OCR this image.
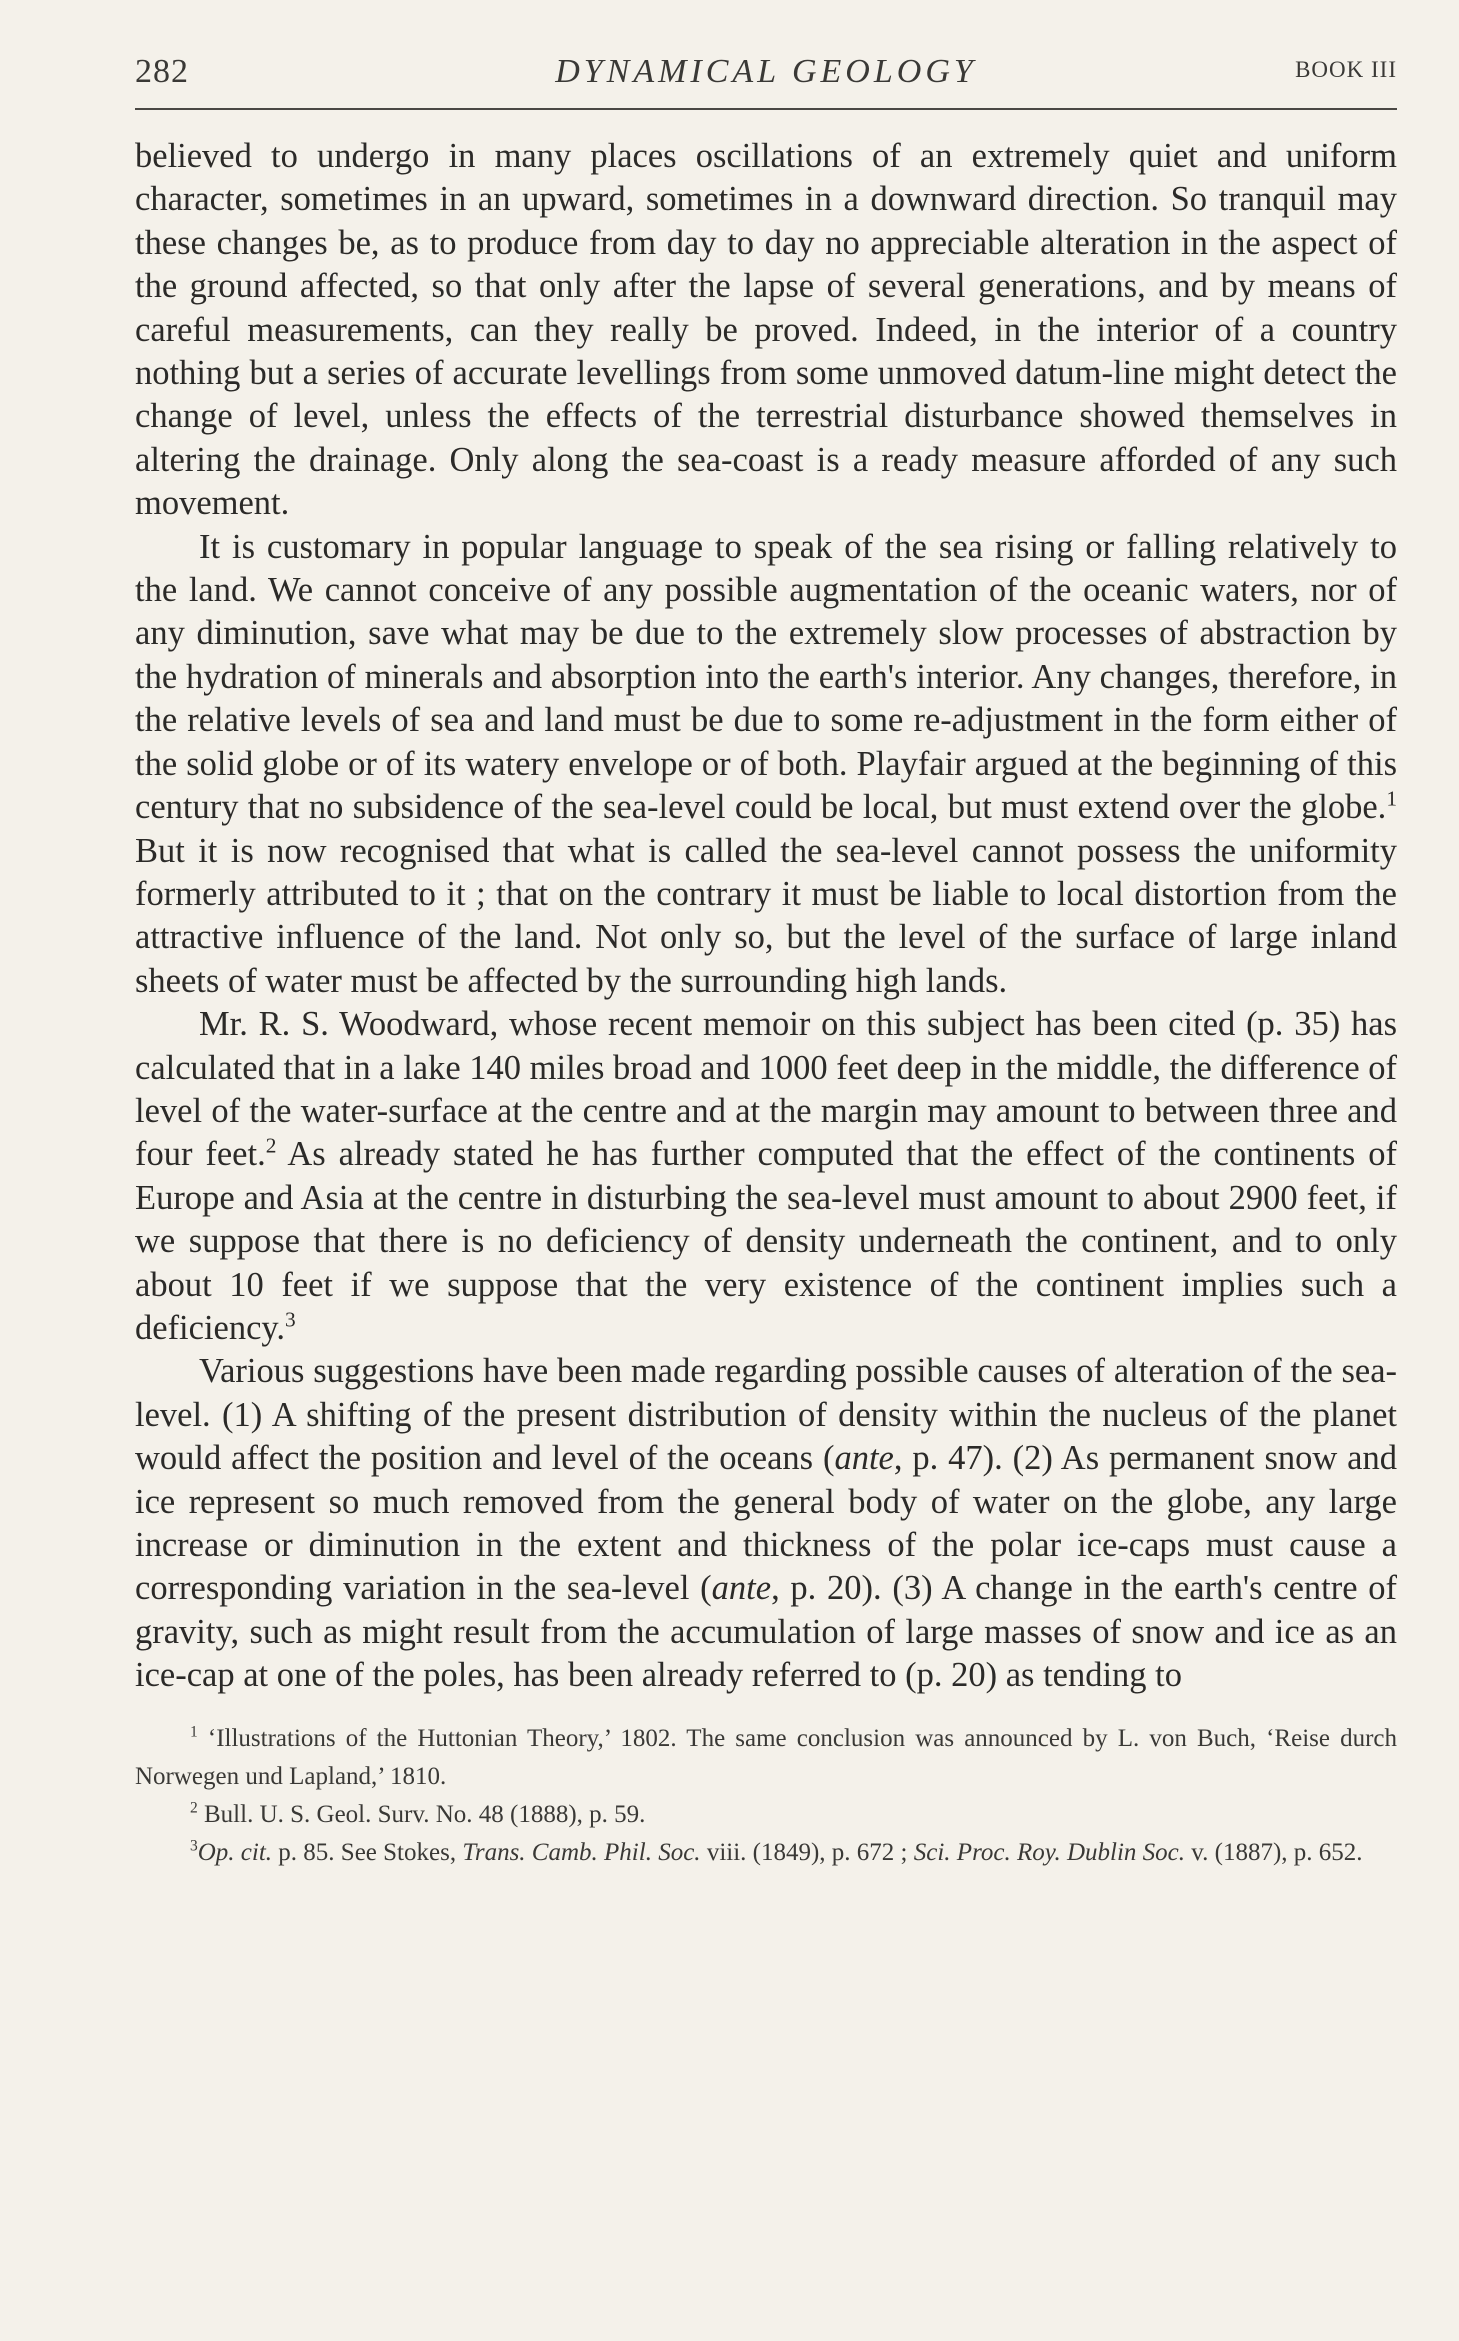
282	DYNAMICAL GEOLOGY	BOOK III

believed to undergo in many places oscillations of an extremely quiet and uniform character, sometimes in an upward, sometimes in a downward direction. So tranquil may these changes be, as to produce from day to day no appreciable alteration in the aspect of the ground affected, so that only after the lapse of several generations, and by means of careful measurements, can they really be proved. Indeed, in the interior of a country nothing but a series of accurate levellings from some unmoved datum-line might detect the change of level, unless the effects of the terrestrial disturbance showed themselves in altering the drainage. Only along the sea-coast is a ready measure afforded of any such movement.

It is customary in popular language to speak of the sea rising or falling relatively to the land. We cannot conceive of any possible augmentation of the oceanic waters, nor of any diminution, save what may be due to the extremely slow processes of abstraction by the hydration of minerals and absorption into the earth's interior. Any changes, therefore, in the relative levels of sea and land must be due to some re-adjustment in the form either of the solid globe or of its watery envelope or of both. Playfair argued at the beginning of this century that no subsidence of the sea-level could be local, but must extend over the globe.$^1$ But it is now recognised that what is called the sea-level cannot possess the uniformity formerly attributed to it ; that on the contrary it must be liable to local distortion from the attractive influence of the land. Not only so, but the level of the surface of large inland sheets of water must be affected by the surrounding high lands.

Mr. R. S. Woodward, whose recent memoir on this subject has been cited (p. 35) has calculated that in a lake 140 miles broad and 1000 feet deep in the middle, the difference of level of the water-surface at the centre and at the margin may amount to between three and four feet.$^2$ As already stated he has further computed that the effect of the continents of Europe and Asia at the centre in disturbing the sea-level must amount to about 2900 feet, if we suppose that there is no deficiency of density underneath the continent, and to only about 10 feet if we suppose that the very existence of the continent implies such a deficiency.$^3$

Various suggestions have been made regarding possible causes of alteration of the sea-level. (1) A shifting of the present distribution of density within the nucleus of the planet would affect the position and level of the oceans (ante, p. 47). (2) As permanent snow and ice represent so much removed from the general body of water on the globe, any large increase or diminution in the extent and thickness of the polar ice-caps must cause a corresponding variation in the sea-level (ante, p. 20). (3) A change in the earth's centre of gravity, such as might result from the accumulation of large masses of snow and ice as an ice-cap at one of the poles, has been already referred to (p. 20) as tending to

$^1$ ‘Illustrations of the Huttonian Theory,’ 1802. The same conclusion was announced by L. von Buch, ‘Reise durch Norwegen und Lapland,’ 1810.

$^2$ Bull. U. S. Geol. Surv. No. 48 (1888), p. 59.

$^3$Op. cit. p. 85. See Stokes, Trans. Camb. Phil. Soc. viii. (1849), p. 672 ; Sci. Proc. Roy. Dublin Soc. v. (1887), p. 652.
